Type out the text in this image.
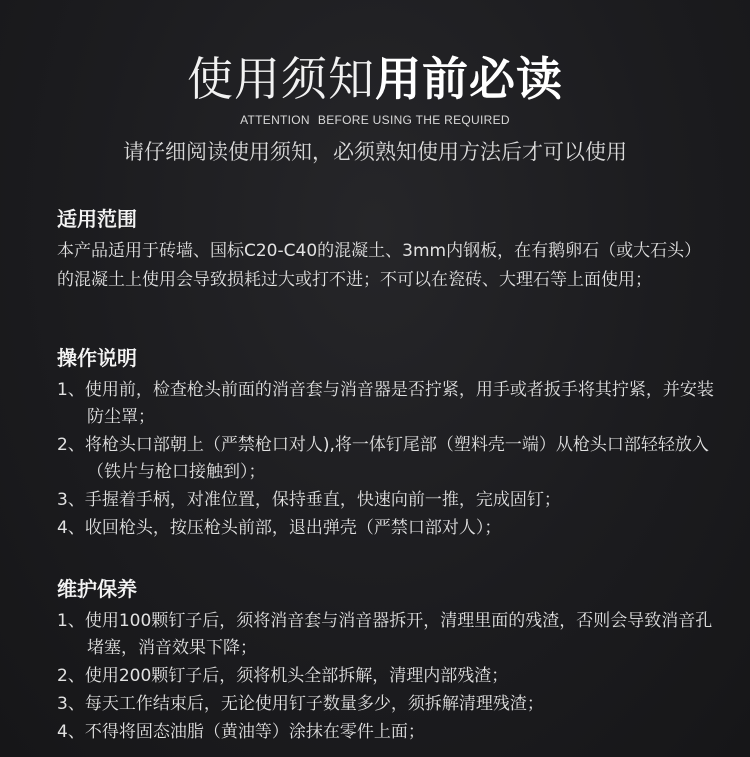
使用须知用前必读
ATTENTION BEFORE USING THE REQUIRED
请仔细阅读使用须知，必须熟知使用方法后才可以使用
适用范围

本产品适用于砖墙、国标C20-C40的混凝土、3mm内钢板，在有鹅卵石（或大石头）的混凝土上使用会导致损耗过大或打不进；不可以在瓷砖、大理石等上面使用；

操作说明
1、使用前，检查枪头前面的消音套与消音器是否拧紧，用手或者扳手将其拧紧，并安装防尘罩；
2、将枪头口部朝上（严禁枪口对人),将一体钉尾部（塑料壳一端）从枪头口部轻轻放入（铁片与枪口接触到）；
3、手握着手柄，对准位置，保持垂直，快速向前一推，完成固钉；
4、收回枪头，按压枪头前部，退出弹壳（严禁口部对人）；
维护保养
1、使用100颗钉子后，须将消音套与消音器拆开，清理里面的残渣，否则会导致消音孔堵塞，消音效果下降；
2、使用200颗钉子后，须将机头全部拆解，清理内部残渣；
3、每天工作结束后，无论使用钉子数量多少，须拆解清理残渣；
4、不得将固态油脂（黄油等）涂抹在零件上面；
